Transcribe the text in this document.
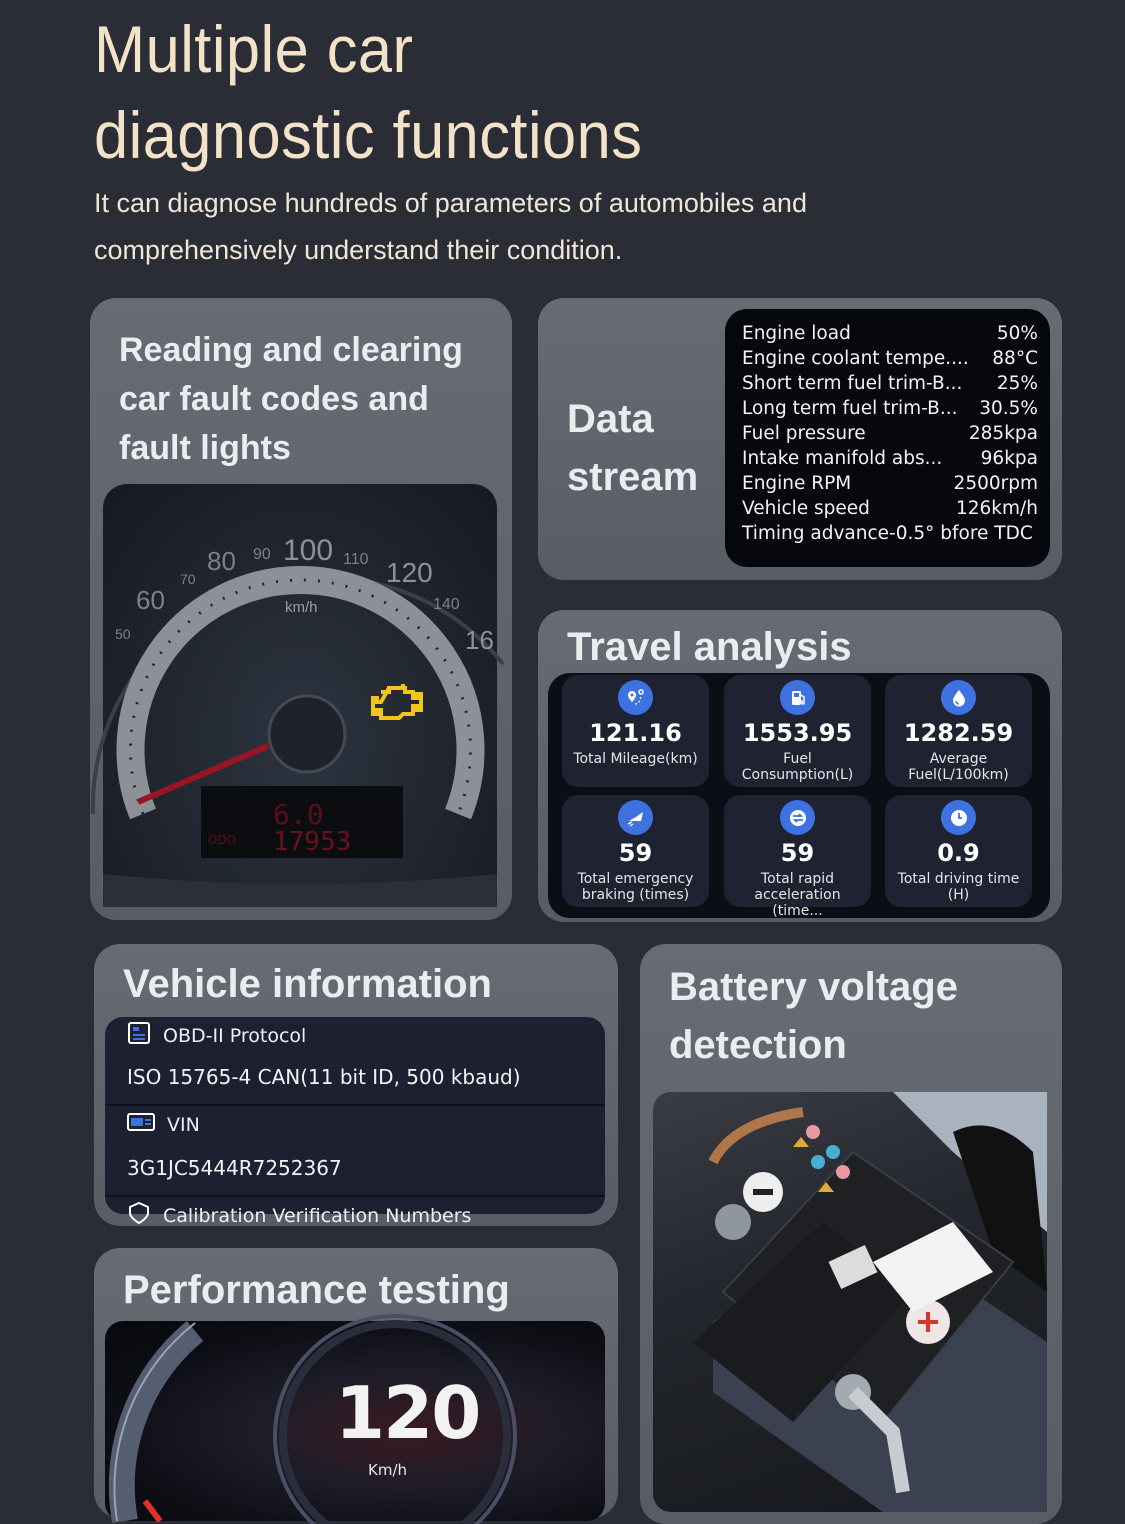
Multiple car
diagnostic functions

It can diagnose hundreds of parameters of automobiles and
comprehensively understand their condition.

Reading and clearing
car fault codes and
fault lights
80 90 100 110 120
70
60
50
140
16
km/h
6.0
17953
ODO
Data
stream
Engine load	50%
Engine coolant tempe.... 88°C
Short term fuel trim-B... 25%
Long term fuel trim-B... 30.5%
Fuel pressure	285kpa
Intake manifold abs... 96kpa
Engine RPM	2500rpm
Vehicle speed	126km/h
Timing advance-0.5° bfore TDC
Travel analysis
121.16
Total Mileage(km)
1553.95
Fuel Consumption(L)
1282.59
Average Fuel(L/100km)
59
Total emergency braking (times)
59
Total rapid acceleration (time...
0.9
Total driving time (H)
Vehicle information
OBD-II Protocol
ISO 15765-4 CAN(11 bit ID, 500 kbaud)
VIN
3G1JC5444R7252367
Calibration Verification Numbers
Performance testing
120
Km/h
Battery voltage
detection
